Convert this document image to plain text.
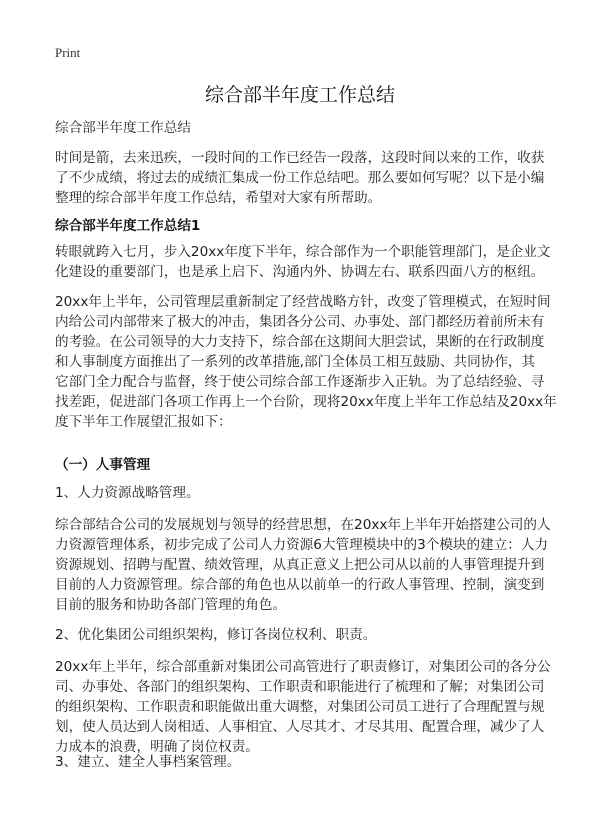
Print
综合部半年度工作总结
综合部半年度工作总结
时间是箭，去来迅疾，一段时间的工作已经告一段落，这段时间以来的工作，收获
了不少成绩，将过去的成绩汇集成一份工作总结吧。那么要如何写呢？以下是小编
整理的综合部半年度工作总结，希望对大家有所帮助。
综合部半年度工作总结1
转眼就跨入七月，步入20xx年度下半年，综合部作为一个职能管理部门，是企业文
化建设的重要部门，也是承上启下、沟通内外、协调左右、联系四面八方的枢纽。
20xx年上半年，公司管理层重新制定了经营战略方针，改变了管理模式，在短时间
内给公司内部带来了极大的冲击，集团各分公司、办事处、部门都经历着前所未有
的考验。在公司领导的大力支持下，综合部在这期间大胆尝试，果断的在行政制度
和人事制度方面推出了一系列的改革措施,部门全体员工相互鼓励、共同协作，其
它部门全力配合与监督，终于使公司综合部工作逐渐步入正轨。为了总结经验、寻
找差距，促进部门各项工作再上一个台阶，现将20xx年度上半年工作总结及20xx年
度下半年工作展望汇报如下：
（一）人事管理
1、人力资源战略管理。
综合部结合公司的发展规划与领导的经营思想，在20xx年上半年开始搭建公司的人
力资源管理体系，初步完成了公司人力资源6大管理模块中的3个模块的建立：人力
资源规划、招聘与配置、绩效管理，从真正意义上把公司从以前的人事管理提升到
目前的人力资源管理。综合部的角色也从以前单一的行政人事管理、控制，演变到
目前的服务和协助各部门管理的角色。
2、优化集团公司组织架构，修订各岗位权利、职责。
20xx年上半年，综合部重新对集团公司高管进行了职责修订，对集团公司的各分公
司、办事处、各部门的组织架构、工作职责和职能进行了梳理和了解；对集团公司
的组织架构、工作职责和职能做出重大调整，对集团公司员工进行了合理配置与规
划，使人员达到人岗相适、人事相宜、人尽其才、才尽其用、配置合理，减少了人
力成本的浪费，明确了岗位权责。
3、建立、建全人事档案管理。
